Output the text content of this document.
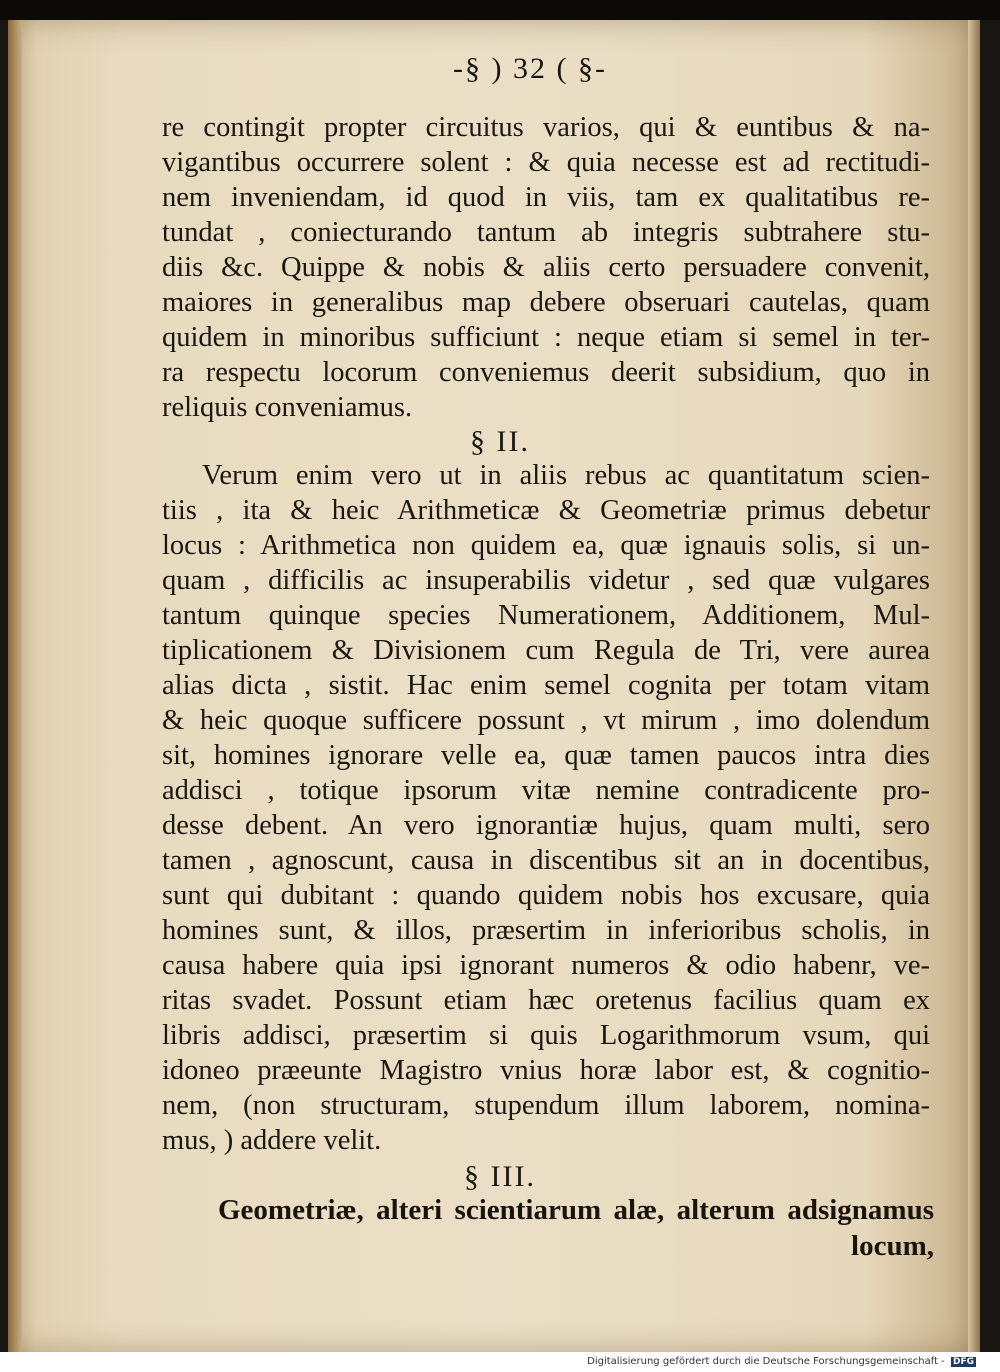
-§ ) 32 ( §-
re contingit propter circuitus varios, qui & euntibus & na-
vigantibus occurrere solent : & quia necesse est ad rectitudi-
nem inveniendam, id quod in viis, tam ex qualitatibus re-
tundat , coniecturando tantum ab integris subtrahere stu-
diis &c. Quippe & nobis & aliis certo persuadere convenit,
maiores in generalibus map debere obseruari cautelas, quam
quidem in minoribus sufficiunt : neque etiam si semel in ter-
ra respectu locorum conveniemus deerit subsidium, quo in
reliquis conveniamus.
§ II.
Verum enim vero ut in aliis rebus ac quantitatum scien-
tiis , ita & heic Arithmeticæ & Geometriæ primus debetur
locus : Arithmetica non quidem ea, quæ ignauis solis, si un-
quam , difficilis ac insuperabilis videtur , sed quæ vulgares
tantum quinque species Numerationem, Additionem, Mul-
tiplicationem & Divisionem cum Regula de Tri, vere aurea
alias dicta , sistit. Hac enim semel cognita per totam vitam
& heic quoque sufficere possunt , vt mirum , imo dolendum
sit, homines ignorare velle ea, quæ tamen paucos intra dies
addisci , totique ipsorum vitæ nemine contradicente pro-
desse debent. An vero ignorantiæ hujus, quam multi, sero
tamen , agnoscunt, causa in discentibus sit an in docentibus,
sunt qui dubitant : quando quidem nobis hos excusare, quia
homines sunt, & illos, præsertim in inferioribus scholis, in
causa habere quia ipsi ignorant numeros & odio habenr, ve-
ritas svadet. Possunt etiam hæc oretenus facilius quam ex
libris addisci, præsertim si quis Logarithmorum vsum, qui
idoneo præeunte Magistro vnius horæ labor est, & cognitio-
nem, (non structuram, stupendum illum laborem, nomina-
mus, ) addere velit.
§ III.
Geometriæ, alteri scientiarum alæ, alterum adsignamus
locum,
Digitalisierung gefördert durch die Deutsche Forschungsgemeinschaft - DFG
